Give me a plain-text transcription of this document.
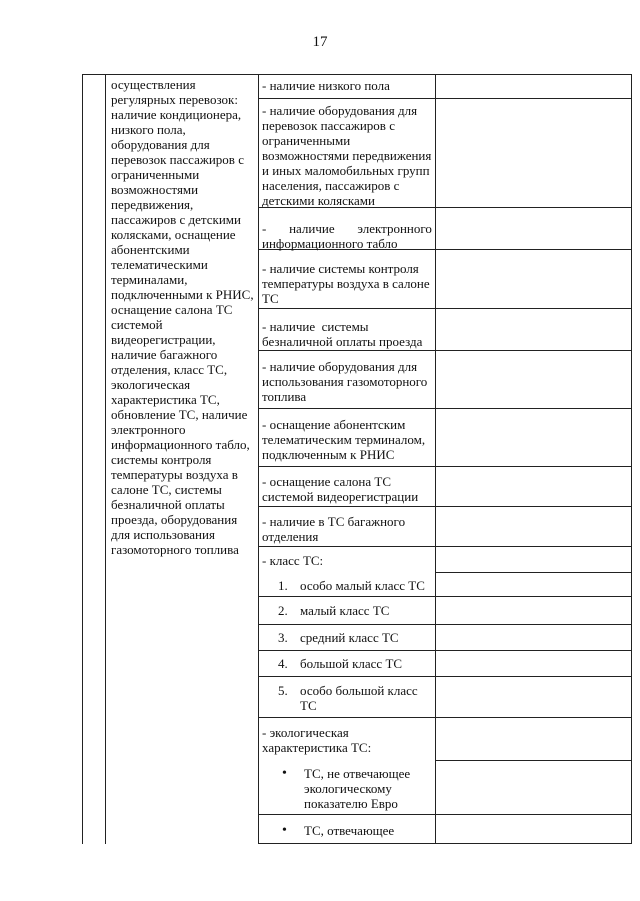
17
осуществления
регулярных перевозок:
наличие кондиционера,
низкого пола,
оборудования для
перевозок пассажиров с
ограниченными
возможностями
передвижения,
пассажиров с детскими
колясками, оснащение
абонентскими
телематическими
терминалами,
подключенными к РНИС,
оснащение салона ТС
системой
видеорегистрации,
наличие багажного
отделения, класс ТС,
экологическая
характеристика ТС,
обновление ТС, наличие
электронного
информационного табло,
системы контроля
температуры воздуха в
салоне ТС, системы
безналичной оплаты
проезда, оборудования
для использования
газомоторного топлива
- наличие низкого пола
- наличие оборудования для
перевозок пассажиров с
ограниченными
возможностями передвижения
и иных маломобильных групп
населения, пассажиров с
детскими колясками
-       наличие       электронного
информационного табло
- наличие системы контроля
температуры воздуха в салоне
ТС
- наличие  системы
безналичной оплаты проезда
- наличие оборудования для
использования газомоторного
топлива
- оснащение абонентским
телематическим терминалом,
подключенным к РНИС
- оснащение салона ТС
системой видеорегистрации
- наличие в ТС багажного
отделения
- класс ТС:
1. особо малый класс ТС
2. малый класс ТС
3. средний класс ТС
4. большой класс ТС
5. особо большой класс
ТС
- экологическая
характеристика ТС:
• ТС, не отвечающее
экологическому
показателю Евро
• ТС, отвечающее
